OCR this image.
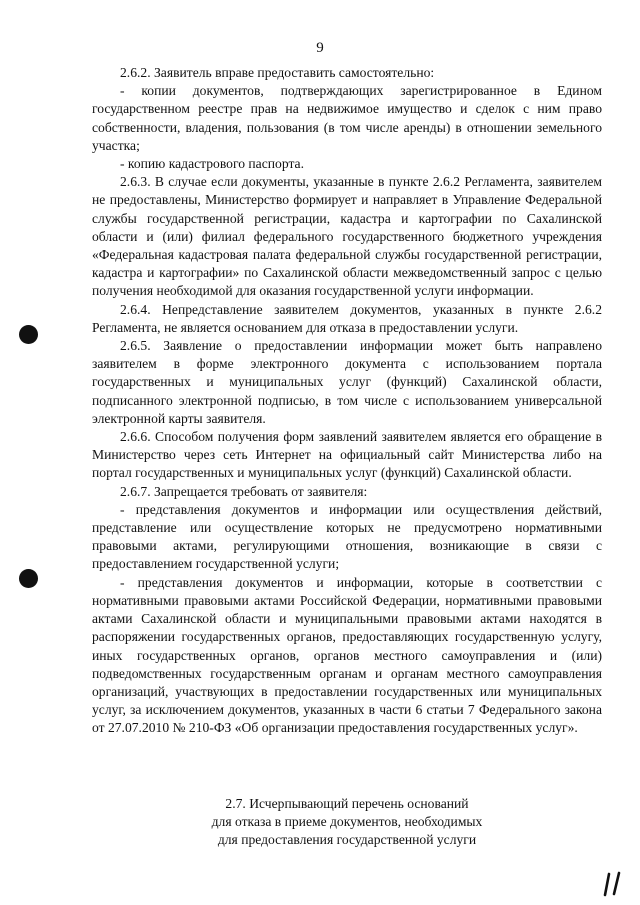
9

2.6.2. Заявитель вправе предоставить самостоятельно:

- копии документов, подтверждающих зарегистрированное в Едином государственном реестре прав на недвижимое имущество и сделок с ним право собственности, владения, пользования (в том числе аренды) в отношении земельного участка;

- копию кадастрового паспорта.

2.6.3. В случае если документы, указанные в пункте 2.6.2 Регламента, заявителем не предоставлены, Министерство формирует и направляет в Управление Федеральной службы государственной регистрации, кадастра и картографии по Сахалинской области и (или) филиал федерального государственного бюджетного учреждения «Федеральная кадастровая палата федеральной службы государственной регистрации, кадастра и картографии» по Сахалинской области межведомственный запрос с целью получения необходимой для оказания государственной услуги информации.

2.6.4. Непредставление заявителем документов, указанных в пункте 2.6.2 Регламента, не является основанием для отказа в предоставлении услуги.

2.6.5. Заявление о предоставлении информации может быть направлено заявителем в форме электронного документа с использованием портала государственных и муниципальных услуг (функций) Сахалинской области, подписанного электронной подписью, в том числе с использованием универсальной электронной карты заявителя.

2.6.6. Способом получения форм заявлений заявителем является его обращение в Министерство через сеть Интернет на официальный сайт Министерства либо на портал государственных и муниципальных услуг (функций) Сахалинской области.

2.6.7. Запрещается требовать от заявителя:

- представления документов и информации или осуществления действий, представление или осуществление которых не предусмотрено нормативными правовыми актами, регулирующими отношения, возникающие в связи с предоставлением государственной услуги;

- представления документов и информации, которые в соответствии с нормативными правовыми актами Российской Федерации, нормативными правовыми актами Сахалинской области и муниципальными правовыми актами находятся в распоряжении государственных органов, предоставляющих государственную услугу, иных государственных органов, органов местного самоуправления и (или) подведомственных государственным органам и органам местного самоуправления организаций, участвующих в предоставлении государственных или муниципальных услуг, за исключением документов, указанных в части 6 статьи 7 Федерального закона от 27.07.2010 № 210-ФЗ «Об организации предоставления государственных услуг».

2.7. Исчерпывающий перечень оснований
для отказа в приеме документов, необходимых
для предоставления государственной услуги
